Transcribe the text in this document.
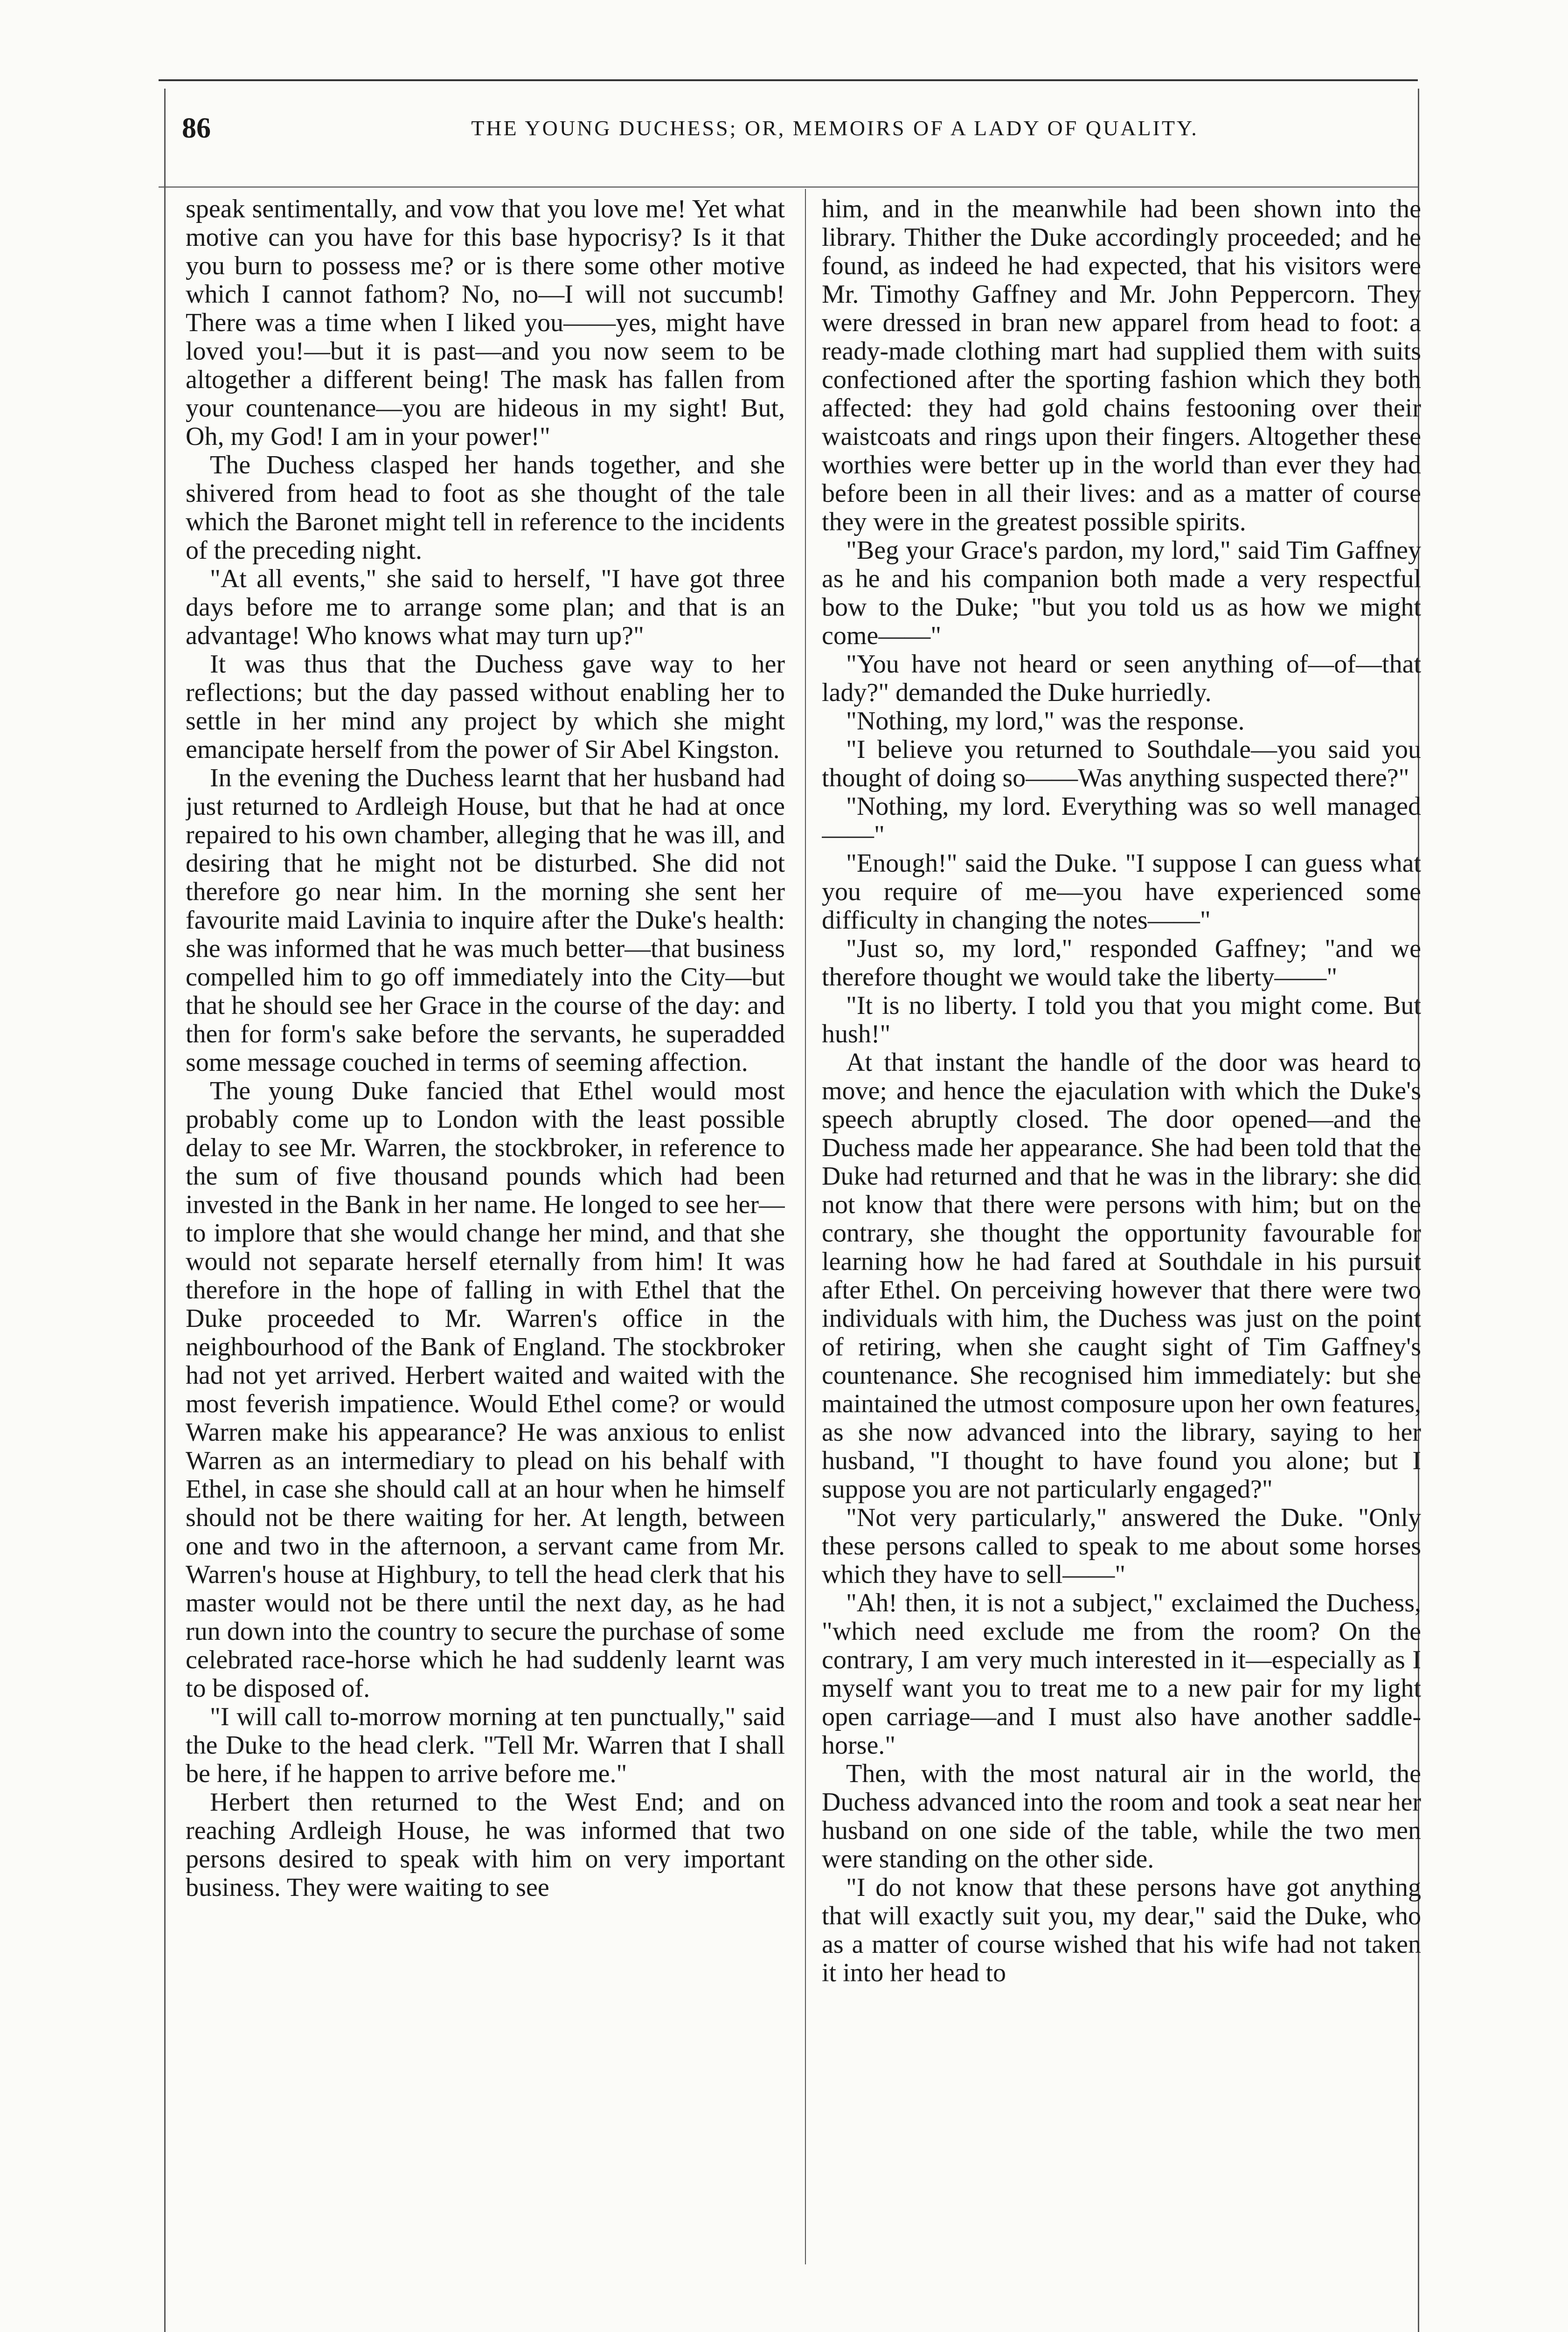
86	THE YOUNG DUCHESS; OR, MEMOIRS OF A LADY OF QUALITY.

speak sentimentally, and vow that you love me! Yet what motive can you have for this base hypocrisy? Is it that you burn to possess me? or is there some other motive which I cannot fathom? No, no—I will not succumb! There was a time when I liked you——yes, might have loved you!—but it is past—and you now seem to be altogether a different being! The mask has fallen from your countenance—you are hideous in my sight! But, Oh, my God! I am in your power!"

The Duchess clasped her hands together, and she shivered from head to foot as she thought of the tale which the Baronet might tell in reference to the incidents of the preceding night.

"At all events," she said to herself, "I have got three days before me to arrange some plan; and that is an advantage! Who knows what may turn up?"

It was thus that the Duchess gave way to her reflections; but the day passed without enabling her to settle in her mind any project by which she might emancipate herself from the power of Sir Abel Kingston.

In the evening the Duchess learnt that her husband had just returned to Ardleigh House, but that he had at once repaired to his own chamber, alleging that he was ill, and desiring that he might not be disturbed. She did not therefore go near him. In the morning she sent her favourite maid Lavinia to inquire after the Duke's health: she was informed that he was much better—that business compelled him to go off immediately into the City—but that he should see her Grace in the course of the day: and then for form's sake before the servants, he superadded some message couched in terms of seeming affection.

The young Duke fancied that Ethel would most probably come up to London with the least possible delay to see Mr. Warren, the stockbroker, in reference to the sum of five thousand pounds which had been invested in the Bank in her name. He longed to see her—to implore that she would change her mind, and that she would not separate herself eternally from him! It was therefore in the hope of falling in with Ethel that the Duke proceeded to Mr. Warren's office in the neighbourhood of the Bank of England. The stockbroker had not yet arrived. Herbert waited and waited with the most feverish impatience. Would Ethel come? or would Warren make his appearance? He was anxious to enlist Warren as an intermediary to plead on his behalf with Ethel, in case she should call at an hour when he himself should not be there waiting for her. At length, between one and two in the afternoon, a servant came from Mr. Warren's house at Highbury, to tell the head clerk that his master would not be there until the next day, as he had run down into the country to secure the purchase of some celebrated race-horse which he had suddenly learnt was to be disposed of.

"I will call to-morrow morning at ten punctually," said the Duke to the head clerk. "Tell Mr. Warren that I shall be here, if he happen to arrive before me."

Herbert then returned to the West End; and on reaching Ardleigh House, he was informed that two persons desired to speak with him on very important business. They were waiting to see

him, and in the meanwhile had been shown into the library. Thither the Duke accordingly proceeded; and he found, as indeed he had expected, that his visitors were Mr. Timothy Gaffney and Mr. John Peppercorn. They were dressed in bran new apparel from head to foot: a ready-made clothing mart had supplied them with suits confectioned after the sporting fashion which they both affected: they had gold chains festooning over their waistcoats and rings upon their fingers. Altogether these worthies were better up in the world than ever they had before been in all their lives: and as a matter of course they were in the greatest possible spirits.

"Beg your Grace's pardon, my lord," said Tim Gaffney as he and his companion both made a very respectful bow to the Duke; "but you told us as how we might come——"

"You have not heard or seen anything of—of—that lady?" demanded the Duke hurriedly.

"Nothing, my lord," was the response.

"I believe you returned to Southdale—you said you thought of doing so——Was anything suspected there?"

"Nothing, my lord. Everything was so well managed——"

"Enough!" said the Duke. "I suppose I can guess what you require of me—you have experienced some difficulty in changing the notes——"

"Just so, my lord," responded Gaffney; "and we therefore thought we would take the liberty——"

"It is no liberty. I told you that you might come. But hush!"

At that instant the handle of the door was heard to move; and hence the ejaculation with which the Duke's speech abruptly closed. The door opened—and the Duchess made her appearance. She had been told that the Duke had returned and that he was in the library: she did not know that there were persons with him; but on the contrary, she thought the opportunity favourable for learning how he had fared at Southdale in his pursuit after Ethel. On perceiving however that there were two individuals with him, the Duchess was just on the point of retiring, when she caught sight of Tim Gaffney's countenance. She recognised him immediately: but she maintained the utmost composure upon her own features, as she now advanced into the library, saying to her husband, "I thought to have found you alone; but I suppose you are not particularly engaged?"

"Not very particularly," answered the Duke. "Only these persons called to speak to me about some horses which they have to sell——"

"Ah! then, it is not a subject," exclaimed the Duchess, "which need exclude me from the room? On the contrary, I am very much interested in it—especially as I myself want you to treat me to a new pair for my light open carriage—and I must also have another saddle-horse."

Then, with the most natural air in the world, the Duchess advanced into the room and took a seat near her husband on one side of the table, while the two men were standing on the other side.

"I do not know that these persons have got anything that will exactly suit you, my dear," said the Duke, who as a matter of course wished that his wife had not taken it into her head to
